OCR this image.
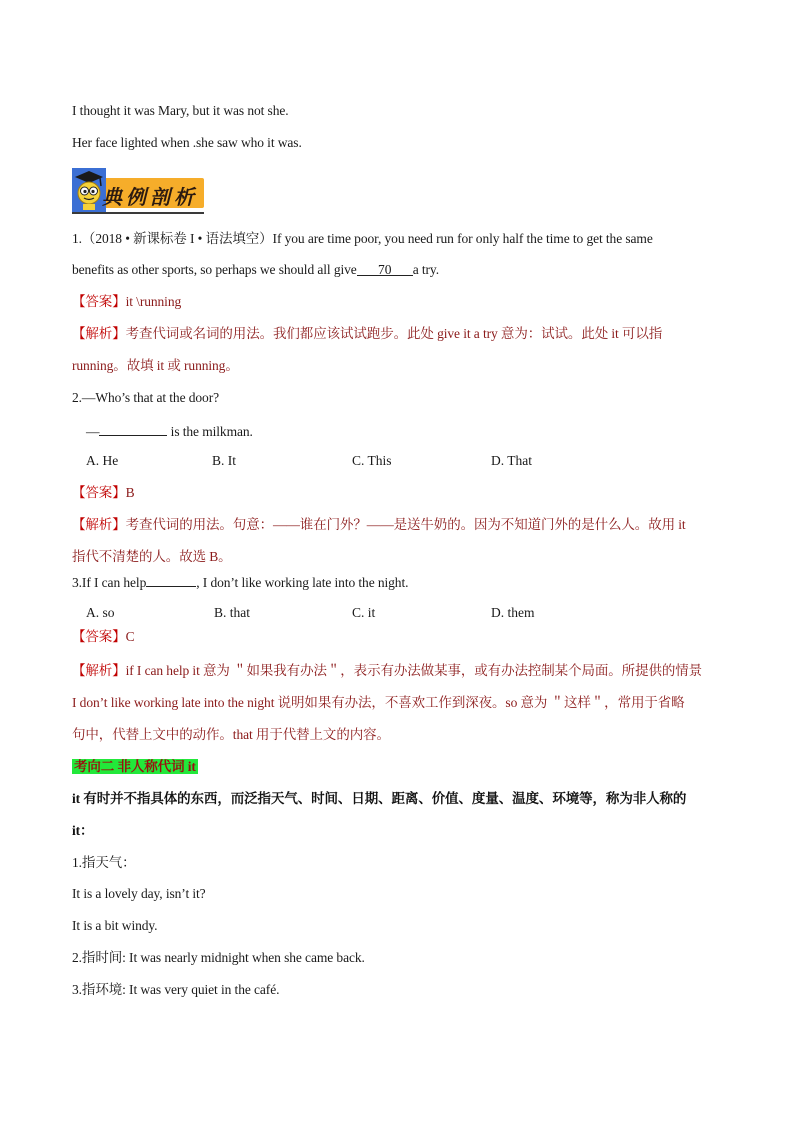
I thought it was Mary, but it was not she.
Her face lighted when .she saw who it was.
典例剖析
1.（2018 • 新课标卷 I • 语法填空）If you are time poor, you need run for only half the time to get the same
benefits as other sports, so perhaps we should all give 70 a try.
【答案】it \running
【解析】考查代词或名词的用法。我们都应该试试跑步。此处 give it a try 意为：试试。此处 it 可以指
running。故填 it 或 running。
2.—Who’s that at the door?
—	is the milkman.
A. He	B. It	C. This	D. That
【答案】B
【解析】考查代词的用法。句意：——谁在门外？——是送牛奶的。因为不知道门外的是什么人。故用 it
指代不清楚的人。故选 B。
3.If I can help	, I don’t like working late into the night.
A. so	B. that	C. it	D. them
【答案】C
【解析】if I can help it 意为 ＂如果我有办法＂，表示有办法做某事，或有办法控制某个局面。所提供的情景
I don’t like working late into the night 说明如果有办法，不喜欢工作到深夜。so 意为 ＂这样＂，常用于省略
句中，代替上文中的动作。that 用于代替上文的内容。
考向二 非人称代词 it
it 有时并不指具体的东西，而泛指天气、时间、日期、距离、价值、度量、温度、环境等，称为非人称的
it：
1.指天气：
It is a lovely day, isn’t it?
It is a bit windy.
2.指时间: It was nearly midnight when she came back.
3.指环境: It was very quiet in the café.
